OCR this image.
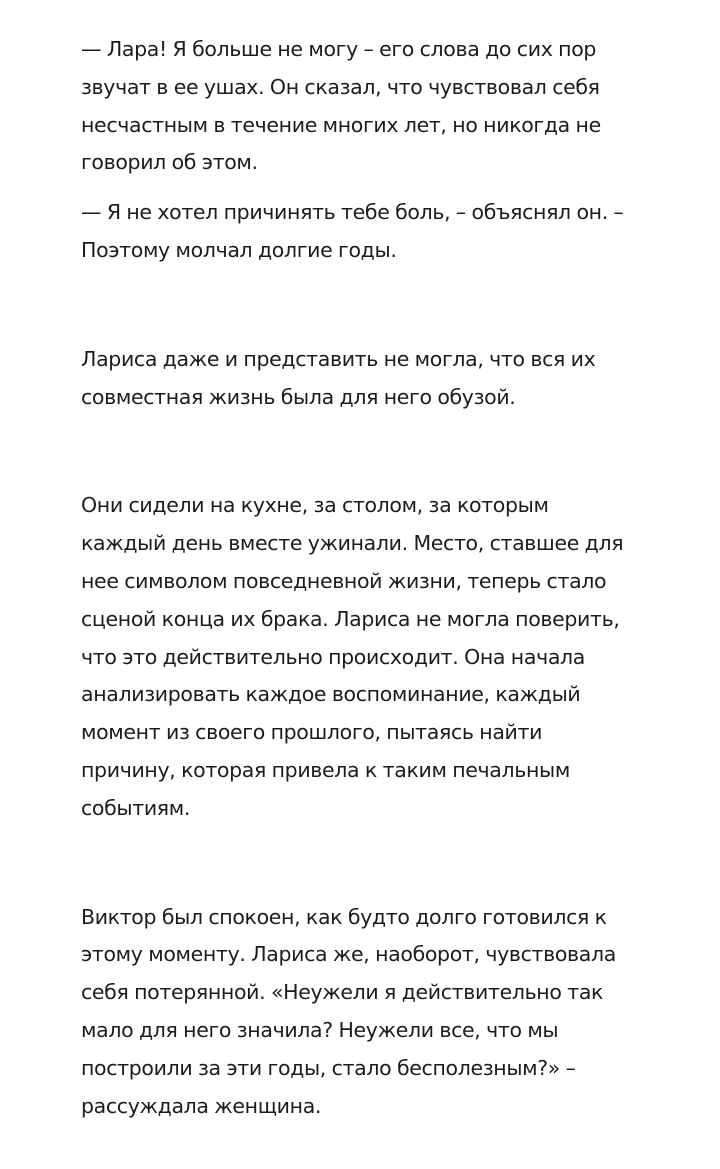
— Лара! Я больше не могу – его слова до сих пор
звучат в ее ушах. Он сказал, что чувствовал себя
несчастным в течение многих лет, но никогда не
говорил об этом.

— Я не хотел причинять тебе боль, – объяснял он. –
Поэтому молчал долгие годы.

Лариса даже и представить не могла, что вся их
совместная жизнь была для него обузой.

Они сидели на кухне, за столом, за которым
каждый день вместе ужинали. Место, ставшее для
нее символом повседневной жизни, теперь стало
сценой конца их брака. Лариса не могла поверить,
что это действительно происходит. Она начала
анализировать каждое воспоминание, каждый
момент из своего прошлого, пытаясь найти
причину, которая привела к таким печальным
событиям.

Виктор был спокоен, как будто долго готовился к
этому моменту. Лариса же, наоборот, чувствовала
себя потерянной. «Неужели я действительно так
мало для него значила? Неужели все, что мы
построили за эти годы, стало бесполезным?» –
рассуждала женщина.
